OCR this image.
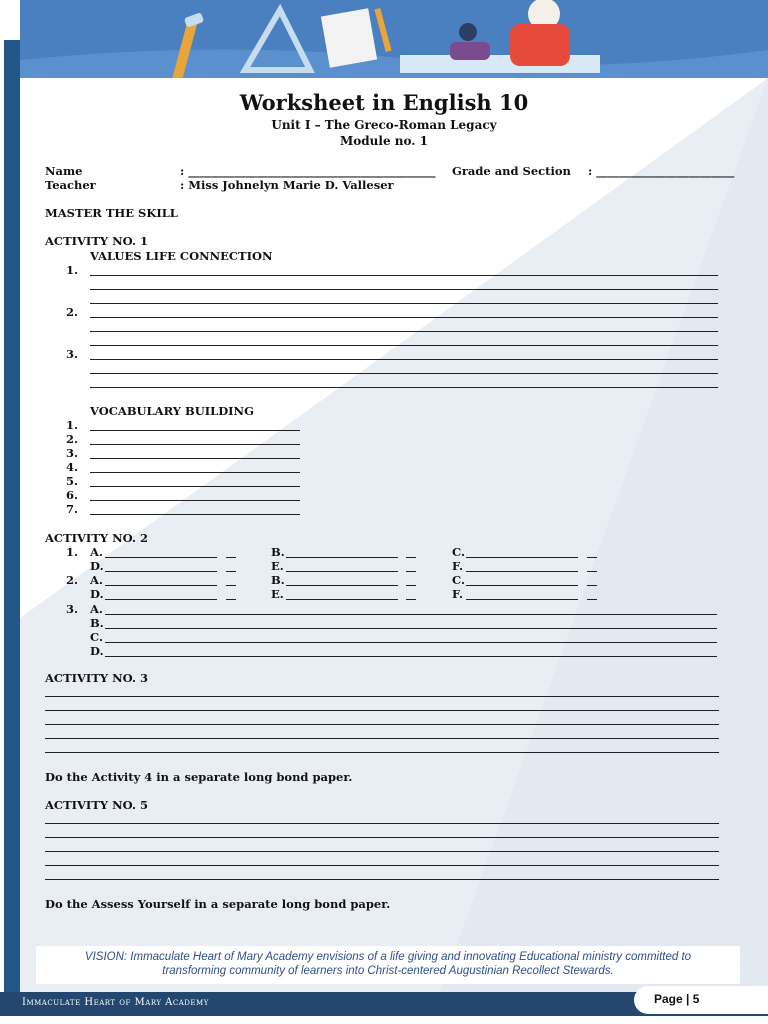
Worksheet in English 10
Unit I – The Greco-Roman Legacy
Module no. 1
Name	: ___________________________________________ Grade and Section : ________________________
Teacher	: Miss Johnelyn Marie D. Valleser
MASTER THE SKILL
ACTIVITY NO. 1
VALUES LIFE CONNECTION
1.
2.
3.
VOCABULARY BUILDING
1.
2.
3.
4.
5.
6.
7.
ACTIVITY NO. 2
1. A.	B.	C.
D.	E.	F.
2. A.	B.	C.
D.	E.	F.
3. A.
B.
C.
D.
ACTIVITY NO. 3
Do the Activity 4 in a separate long bond paper.
ACTIVITY NO. 5
Do the Assess Yourself in a separate long bond paper.
VISION: Immaculate Heart of Mary Academy envisions of a life giving and innovating Educational ministry committed to
transforming community of learners into Christ-centered Augustinian Recollect Stewards.
Immaculate Heart of Mary Academy	Page | 5
